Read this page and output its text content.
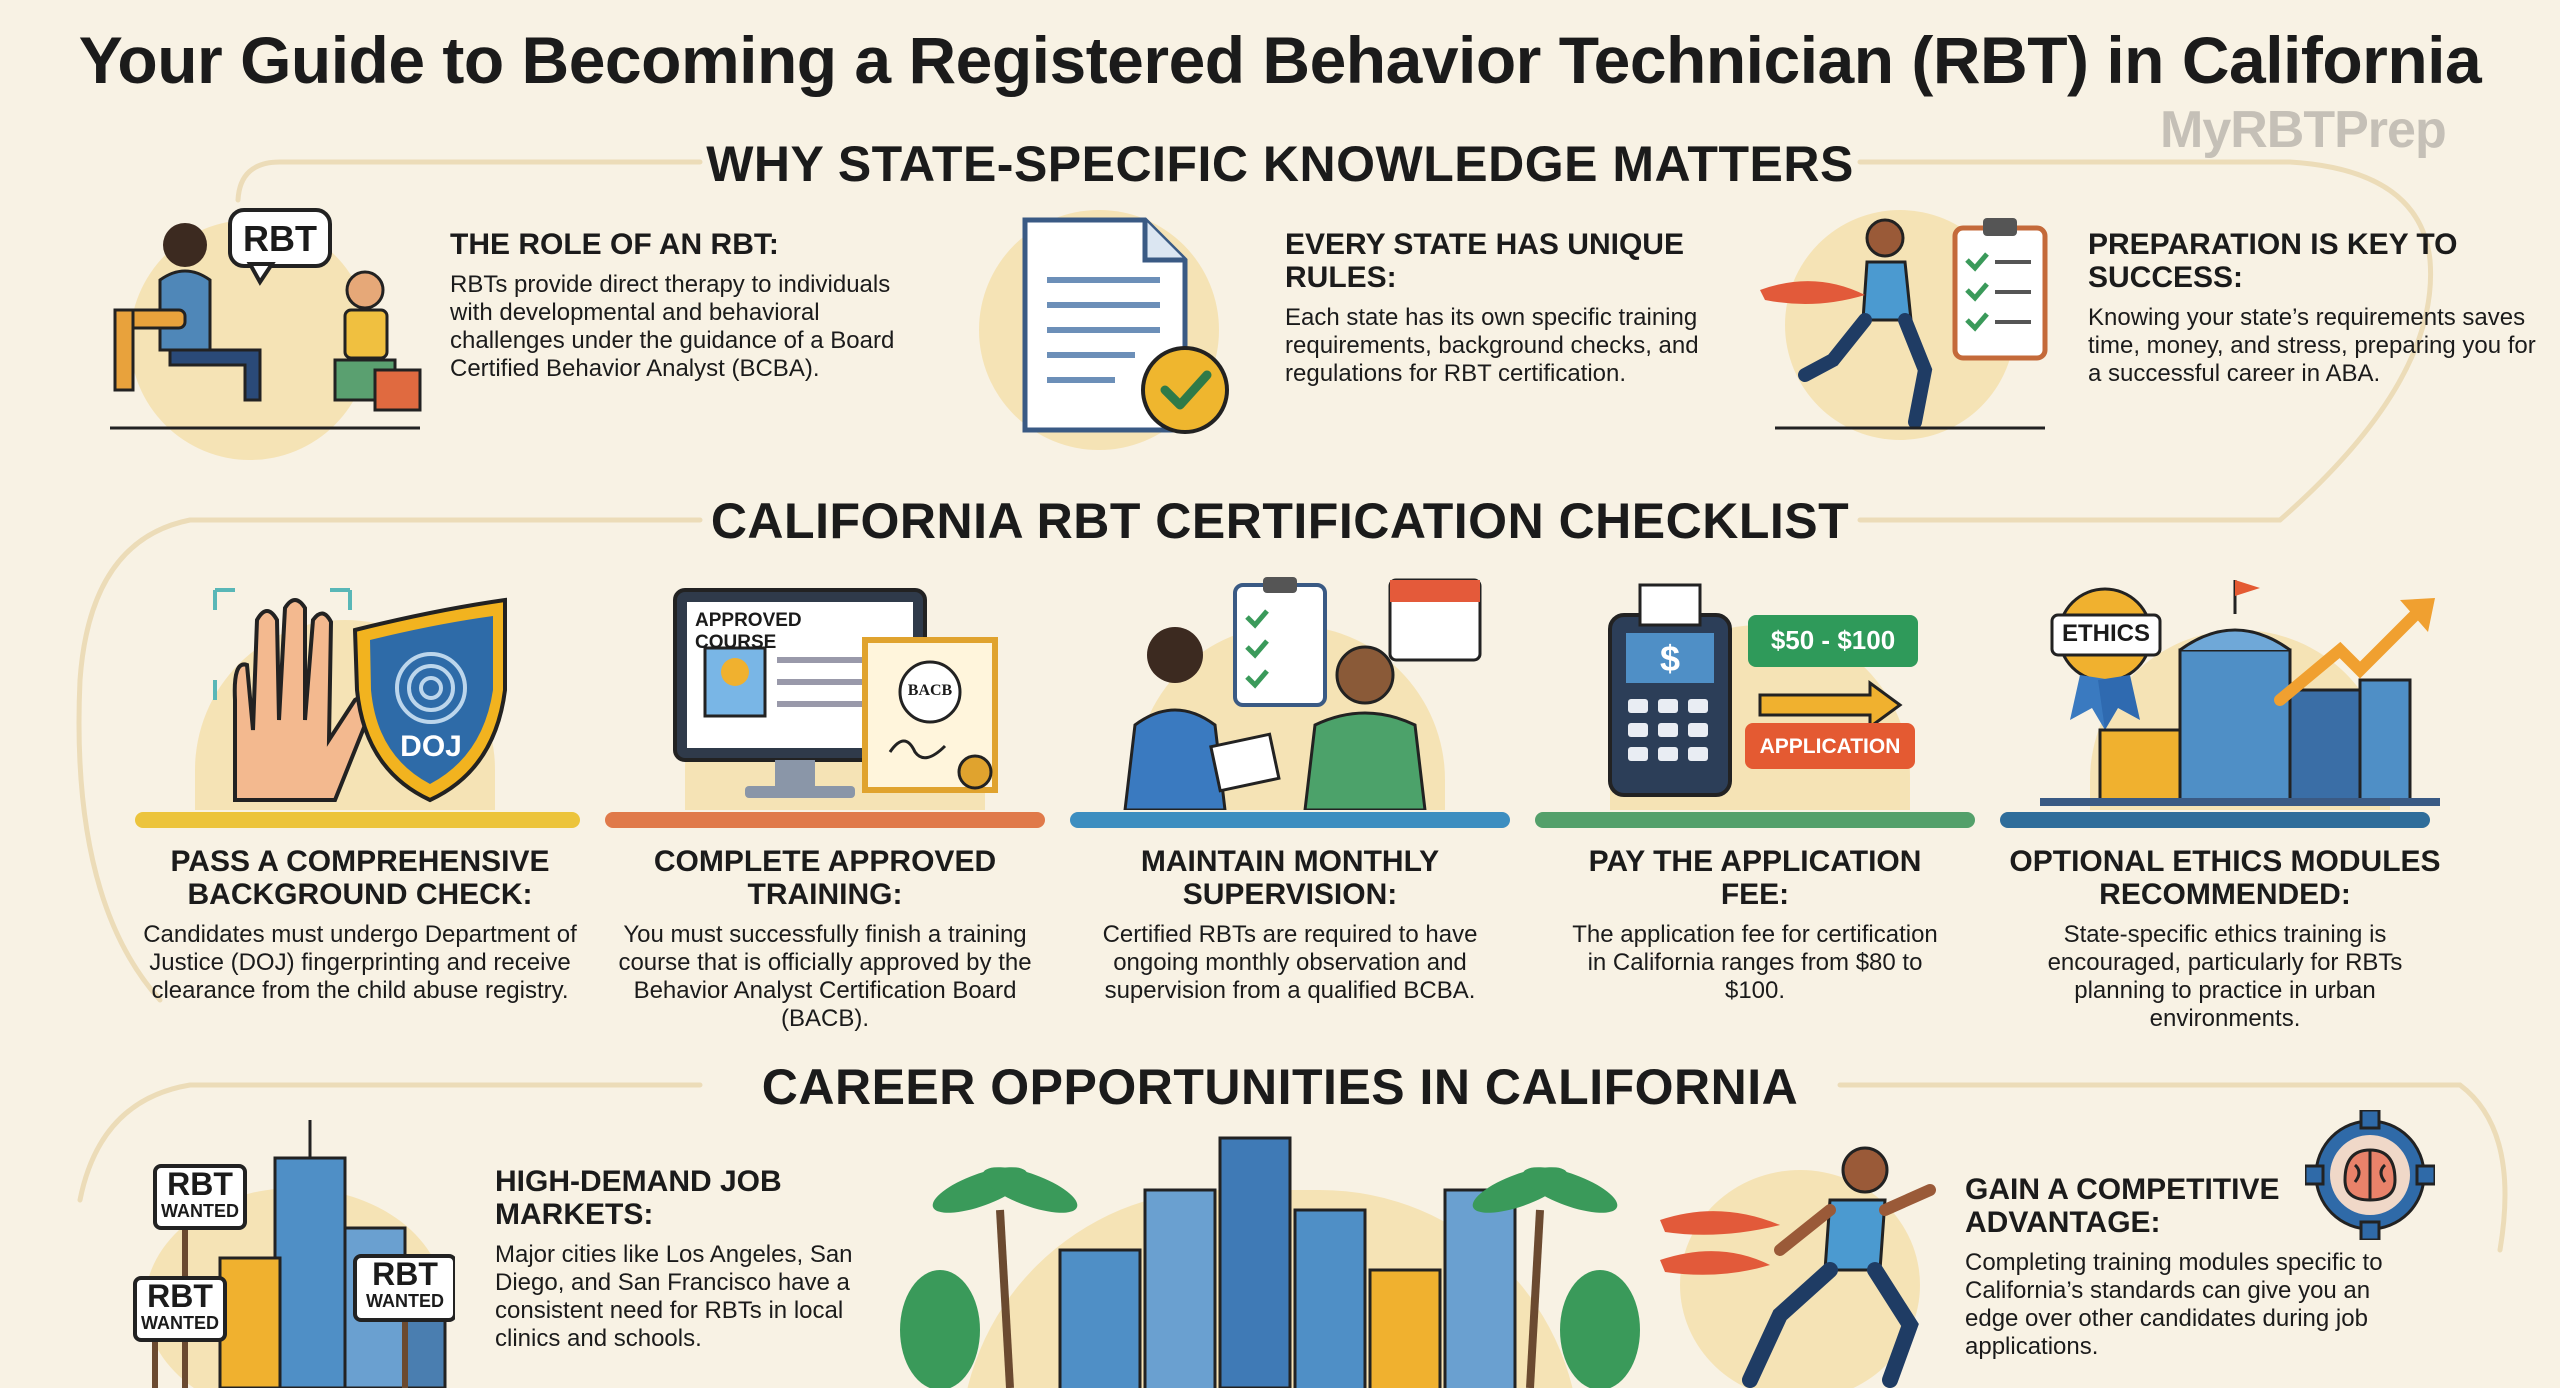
Your Guide to Becoming a Registered Behavior Technician (RBT) in California
MyRBTPrep
WHY STATE-SPECIFIC KNOWLEDGE MATTERS
RBT	THE ROLE OF AN RBT:
RBTs provide direct therapy to individuals with developmental and behavioral challenges under the guidance of a Board Certified Behavior Analyst (BCBA).
EVERY STATE HAS UNIQUE RULES:
Each state has its own specific training requirements, background checks, and regulations for RBT certification.
PREPARATION IS KEY TO SUCCESS:
Knowing your state’s requirements saves time, money, and stress, preparing you for a successful career in ABA.
CALIFORNIA RBT CERTIFICATION CHECKLIST
DOJ
APPROVED COURSE
BACB
$	$50 - $100
APPLICATION
ETHICS
PASS A COMPREHENSIVE BACKGROUND CHECK:
Candidates must undergo Department of Justice (DOJ) fingerprinting and receive clearance from the child abuse registry.
COMPLETE APPROVED TRAINING:
You must successfully finish a training course that is officially approved by the Behavior Analyst Certification Board (BACB).
MAINTAIN MONTHLY SUPERVISION:
Certified RBTs are required to have ongoing monthly observation and supervision from a qualified BCBA.
PAY THE APPLICATION FEE:
The application fee for certification in California ranges from $80 to $100.
OPTIONAL ETHICS MODULES RECOMMENDED:
State-specific ethics training is encouraged, particularly for RBTs planning to practice in urban environments.
CAREER OPPORTUNITIES IN CALIFORNIA
RBT
WANTED
RBT
WANTED
RBT
WANTED
HIGH-DEMAND JOB MARKETS:
Major cities like Los Angeles, San Diego, and San Francisco have a consistent need for RBTs in local clinics and schools.
GAIN A COMPETITIVE ADVANTAGE:
Completing training modules specific to California’s standards can give you an edge over other candidates during job applications.
